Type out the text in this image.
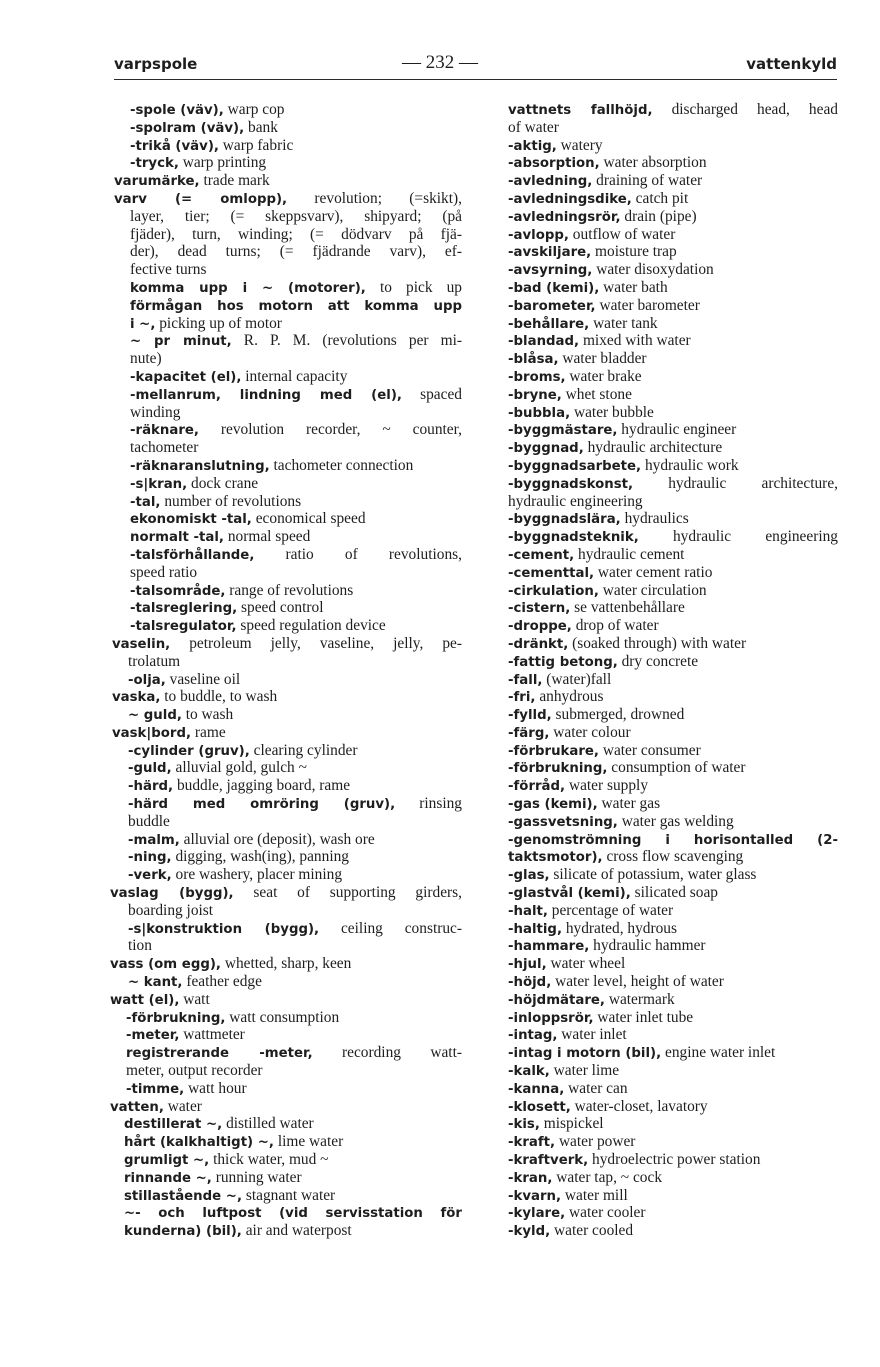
varpspole	— 232 —	vattenkyld
-spole (väv), warp cop
-spolram (väv), bank
-trikå (väv), warp fabric
-tryck, warp printing
varumärke, trade mark
varv (= omlopp), revolution; (=skikt),
layer, tier; (= skeppsvarv), shipyard; (på
fjäder), turn, winding; (= dödvarv på fjä-
der), dead turns; (= fjädrande varv), ef-
fective turns
komma upp i ~ (motorer), to pick up
förmågan hos motorn att komma upp
i ~, picking up of motor
~ pr minut, R. P. M. (revolutions per mi-
nute)
-kapacitet (el), internal capacity
-mellanrum, lindning med (el), spaced
winding
-räknare, revolution recorder, ~ counter,
tachometer
-räknaranslutning, tachometer connection
-s|kran, dock crane
-tal, number of revolutions
ekonomiskt -tal, economical speed
normalt -tal, normal speed
-talsförhållande, ratio of revolutions,
speed ratio
-talsområde, range of revolutions
-talsreglering, speed control
-talsregulator, speed regulation device
vaselin, petroleum jelly, vaseline, jelly, pe-
trolatum
-olja, vaseline oil
vaska, to buddle, to wash
~ guld, to wash
vask|bord, rame
-cylinder (gruv), clearing cylinder
-guld, alluvial gold, gulch ~
-härd, buddle, jagging board, rame
-härd med omröring (gruv), rinsing
buddle
-malm, alluvial ore (deposit), wash ore
-ning, digging, wash(ing), panning
-verk, ore washery, placer mining
vaslag (bygg), seat of supporting girders,
boarding joist
-s|konstruktion (bygg), ceiling construc-
tion
vass (om egg), whetted, sharp, keen
~ kant, feather edge
watt (el), watt
-förbrukning, watt consumption
-meter, wattmeter
registrerande -meter, recording watt-
meter, output recorder
-timme, watt hour
vatten, water
destillerat ~, distilled water
hårt (kalkhaltigt) ~, lime water
grumligt ~, thick water, mud ~
rinnande ~, running water
stillastående ~, stagnant water
~- och luftpost (vid servisstation för
kunderna) (bil), air and waterpost
vattnets fallhöjd, discharged head, head
of water
-aktig, watery
-absorption, water absorption
-avledning, draining of water
-avledningsdike, catch pit
-avledningsrör, drain (pipe)
-avlopp, outflow of water
-avskiljare, moisture trap
-avsyrning, water disoxydation
-bad (kemi), water bath
-barometer, water barometer
-behållare, water tank
-blandad, mixed with water
-blåsa, water bladder
-broms, water brake
-bryne, whet stone
-bubbla, water bubble
-byggmästare, hydraulic engineer
-byggnad, hydraulic architecture
-byggnadsarbete, hydraulic work
-byggnadskonst, hydraulic architecture,
hydraulic engineering
-byggnadslära, hydraulics
-byggnadsteknik, hydraulic engineering
-cement, hydraulic cement
-cementtal, water cement ratio
-cirkulation, water circulation
-cistern, se vattenbehållare
-droppe, drop of water
-dränkt, (soaked through) with water
-fattig betong, dry concrete
-fall, (water)fall
-fri, anhydrous
-fylld, submerged, drowned
-färg, water colour
-förbrukare, water consumer
-förbrukning, consumption of water
-förråd, water supply
-gas (kemi), water gas
-gassvetsning, water gas welding
-genomströmning i horisontalled (2-
taktsmotor), cross flow scavenging
-glas, silicate of potassium, water glass
-glastvål (kemi), silicated soap
-halt, percentage of water
-haltig, hydrated, hydrous
-hammare, hydraulic hammer
-hjul, water wheel
-höjd, water level, height of water
-höjdmätare, watermark
-inloppsrör, water inlet tube
-intag, water inlet
-intag i motorn (bil), engine water inlet
-kalk, water lime
-kanna, water can
-klosett, water-closet, lavatory
-kis, mispickel
-kraft, water power
-kraftverk, hydroelectric power station
-kran, water tap, ~ cock
-kvarn, water mill
-kylare, water cooler
-kyld, water cooled
